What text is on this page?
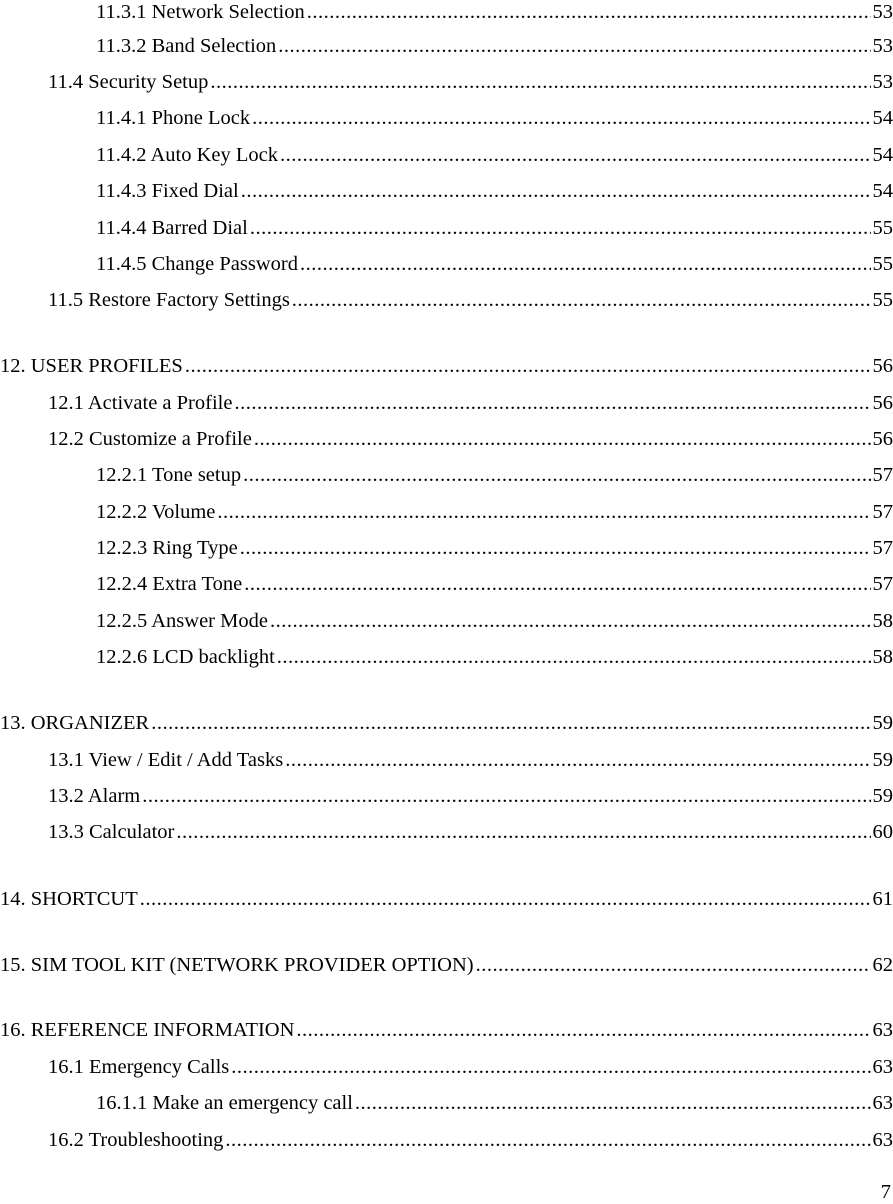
11.3.1 Network Selection .....	53
11.3.2 Band Selection .....	53
11.4 Security Setup .....	53
11.4.1 Phone Lock .....	54
11.4.2 Auto Key Lock .....	54
11.4.3 Fixed Dial .....	54
11.4.4 Barred Dial .....	55
11.4.5 Change Password .....	55
11.5 Restore Factory Settings .....	55
12. USER PROFILES .....	56
12.1 Activate a Profile .....	56
12.2 Customize a Profile .....	56
12.2.1 Tone setup .....	57
12.2.2 Volume .....	57
12.2.3 Ring Type .....	57
12.2.4 Extra Tone .....	57
12.2.5 Answer Mode .....	58
12.2.6 LCD backlight .....	58
13. ORGANIZER .....	59
13.1 View / Edit / Add Tasks .....	59
13.2 Alarm .....	59
13.3 Calculator .....	60
14. SHORTCUT .....	61
15. SIM TOOL KIT (NETWORK PROVIDER OPTION) .....	62
16. REFERENCE INFORMATION .....	63
16.1 Emergency Calls .....	63
16.1.1 Make an emergency call .....	63
16.2 Troubleshooting .....	63
7
